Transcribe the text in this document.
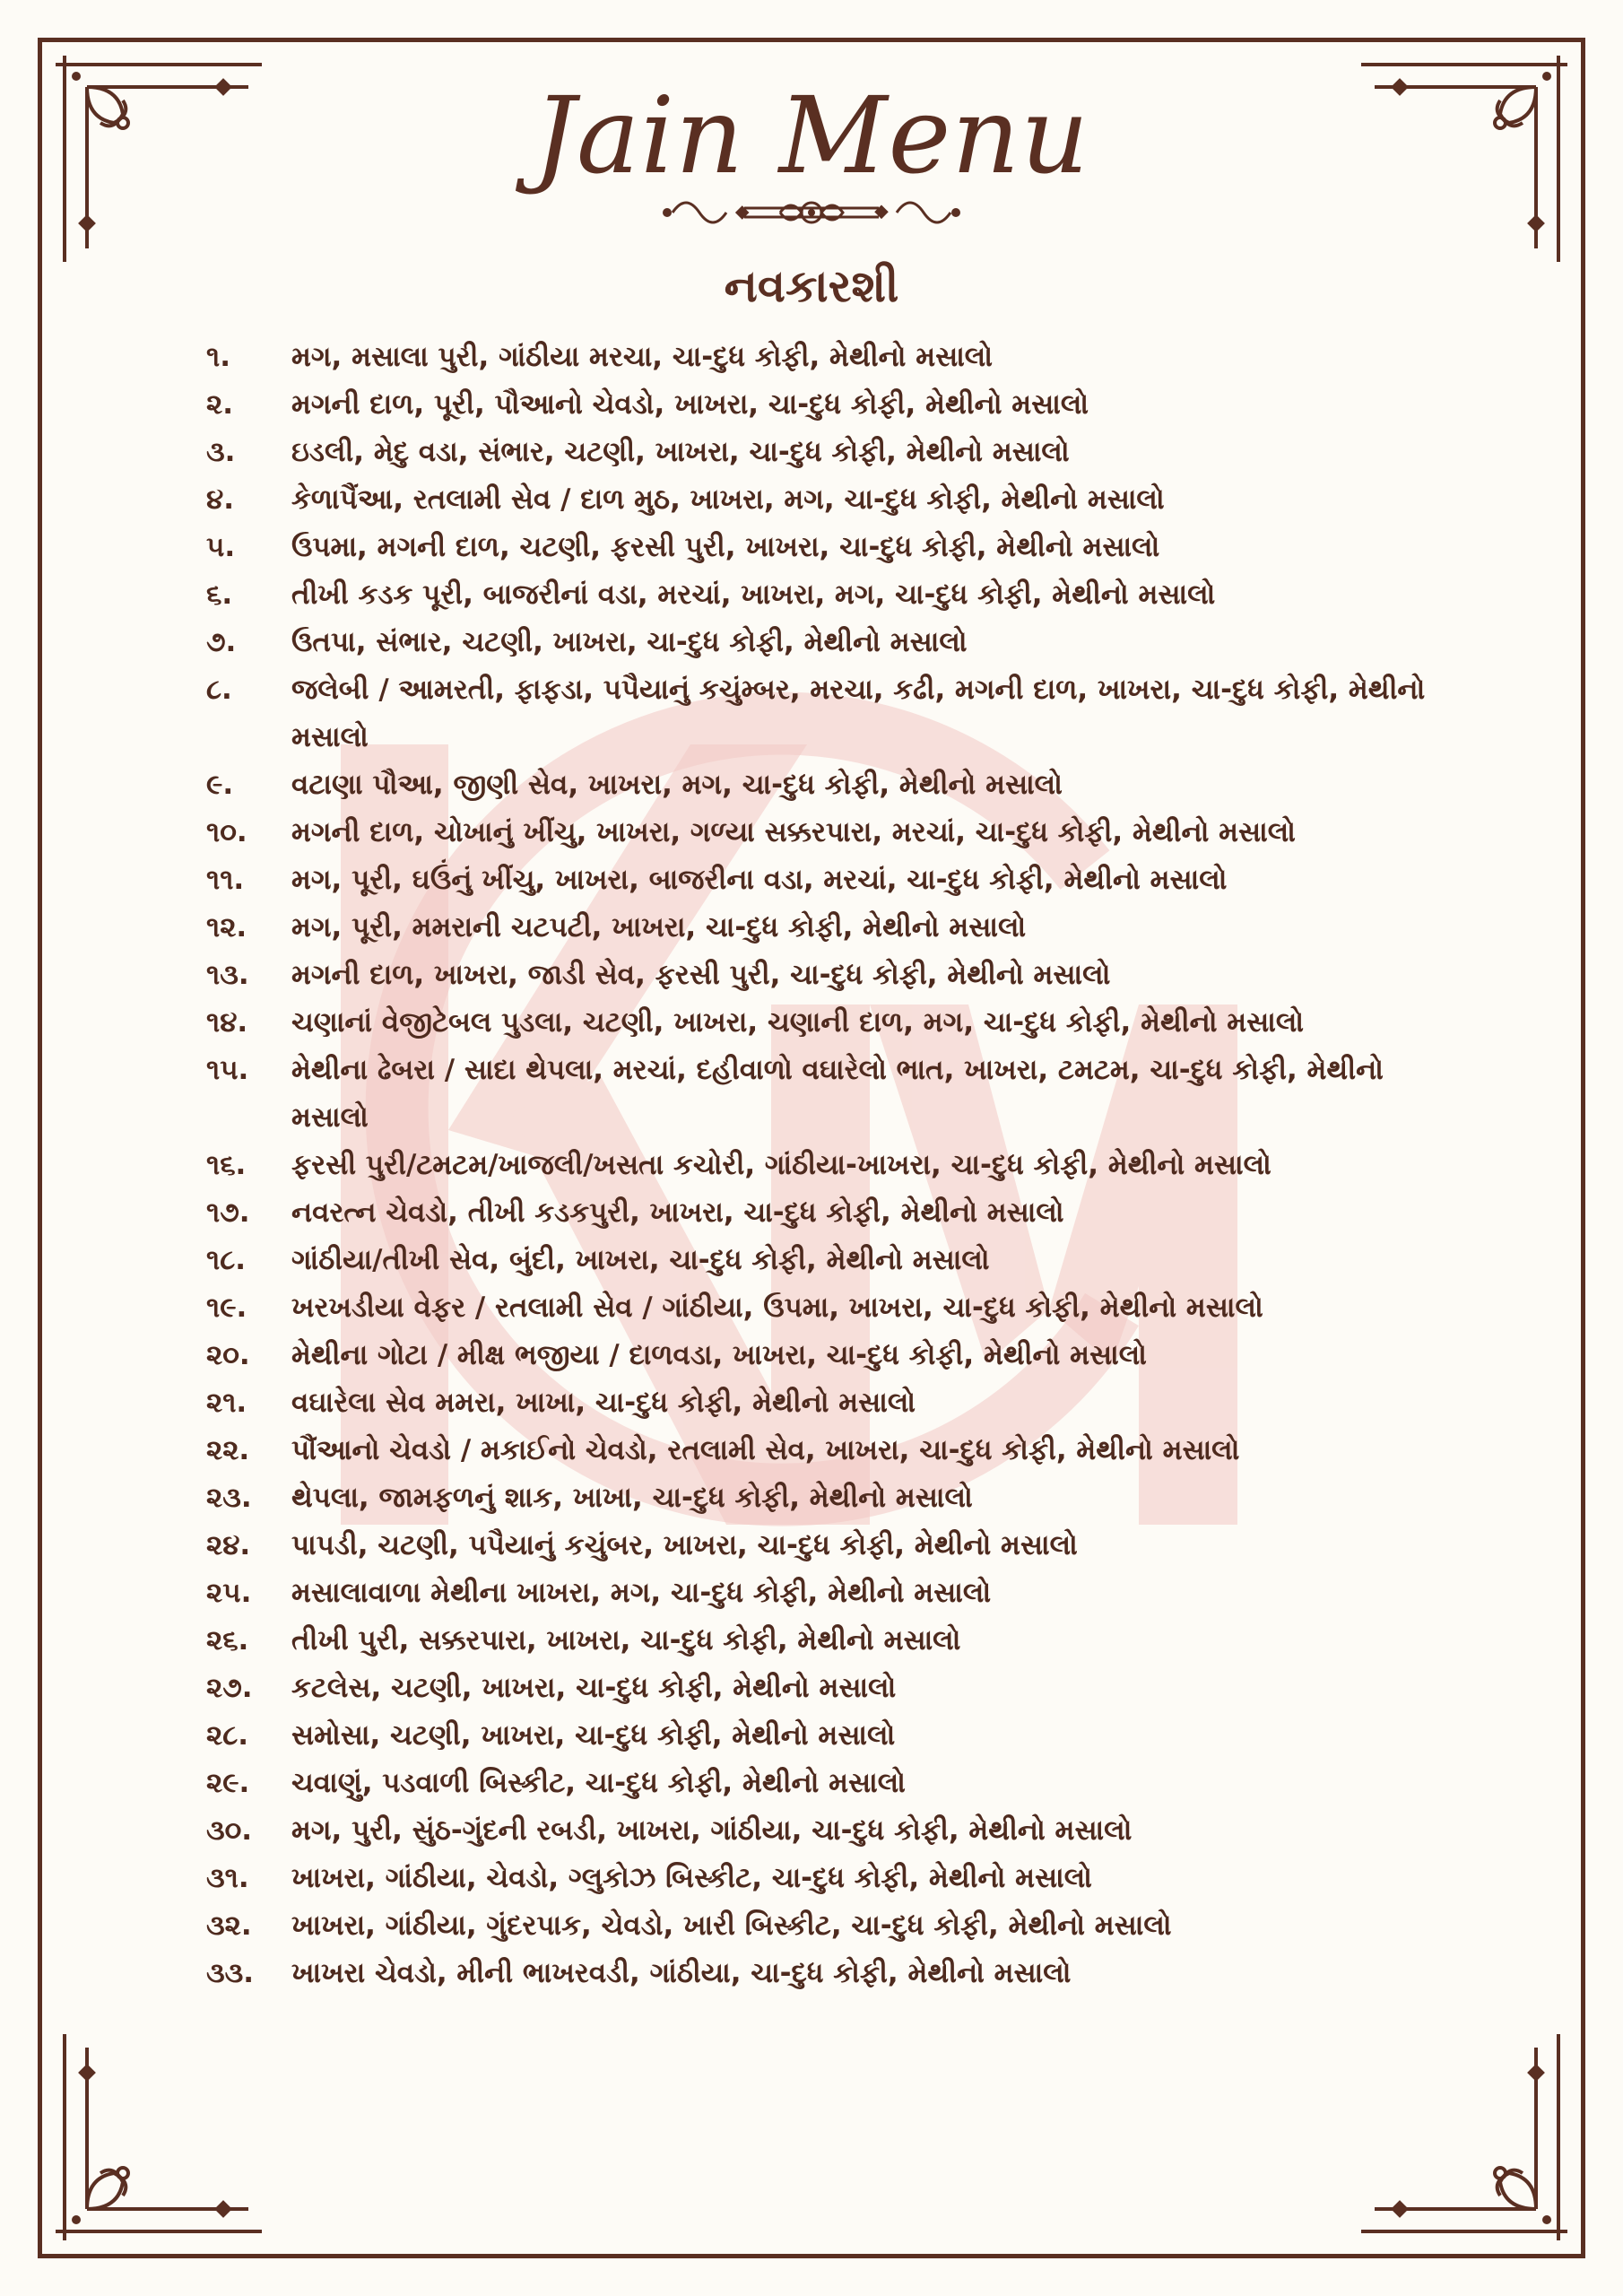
Jain Menu
નવકારશી
૧.	મગ, મસાલા પુરી, ગાંઠીયા મરચા, ચા-દુધ કોફી, મેથીનો મસાલો
૨.	મગની દાળ, પૂરી, પૌઆનો ચેવડો, ખાખરા, ચા-દુધ કોફી, મેથીનો મસાલો
૩.	ઇડલી, મેદુ વડા, સંભાર, ચટણી, ખાખરા, ચા-દુધ કોફી, મેથીનો મસાલો
૪.	કેળાપૈંઆ, રતલામી સેવ / દાળ મુઠ, ખાખરા, મગ, ચા-દુધ કોફી, મેથીનો મસાલો
૫.	ઉપમા, મગની દાળ, ચટણી, ફરસી પુરી, ખાખરા, ચા-દુધ કોફી, મેથીનો મસાલો
૬.	તીખી કડક પૂરી, બાજરીનાં વડા, મરચાં, ખાખરા, મગ, ચા-દુધ કોફી, મેથીનો મસાલો
૭.	ઉતપા, સંભાર, ચટણી, ખાખરા, ચા-દુધ કોફી, મેથીનો મસાલો
૮.	જલેબી / આમરતી, ફાફડા, પપૈયાનું કચુંમ્બર, મરચા, કઢી, મગની દાળ, ખાખરા, ચા-દુધ કોફી, મેથીનો મસાલો
૯.	વટાણા પૌઆ, જીણી સેવ, ખાખરા, મગ, ચા-દુધ કોફી, મેથીનો મસાલો
૧૦.	મગની દાળ, ચોખાનું ખીંચુ, ખાખરા, ગળ્યા સક્કરપારા, મરચાં, ચા-દુધ કોફી, મેથીનો મસાલો
૧૧.	મગ, પૂરી, ઘઉંનું ખીંચુ, ખાખરા, બાજરીના વડા, મરચાં, ચા-દુધ કોફી, મેથીનો મસાલો
૧૨.	મગ, પૂરી, મમરાની ચટપટી, ખાખરા, ચા-દુધ કોફી, મેથીનો મસાલો
૧૩.	મગની દાળ, ખાખરા, જાડી સેવ, ફરસી પુરી, ચા-દુધ કોફી, મેથીનો મસાલો
૧૪.	ચણાનાં વેજીટેબલ પુડલા, ચટણી, ખાખરા, ચણાની દાળ, મગ, ચા-દુધ કોફી, મેથીનો મસાલો
૧૫.	મેથીના ઢેબરા / સાદા થેપલા, મરચાં, દહીવાળો વઘારેલો ભાત, ખાખરા, ટમટમ, ચા-દુધ કોફી, મેથીનો મસાલો
૧૬.	ફરસી પુરી/ટમટમ/ખાજલી/ખસતા કચોરી, ગાંઠીયા-ખાખરા, ચા-દુધ કોફી, મેથીનો મસાલો
૧૭.	નવરત્ન ચેવડો, તીખી કડકપુરી, ખાખરા, ચા-દુધ કોફી, મેથીનો મસાલો
૧૮.	ગાંઠીયા/તીખી સેવ, બુંદી, ખાખરા, ચા-દુધ કોફી, મેથીનો મસાલો
૧૯.	ખરખડીયા વેફર / રતલામી સેવ / ગાંઠીયા, ઉપમા, ખાખરા, ચા-દુધ કોફી, મેથીનો મસાલો
૨૦.	મેથીના ગોટા / મીક્ષ ભજીયા / દાળવડા, ખાખરા, ચા-દુધ કોફી, મેથીનો મસાલો
૨૧.	વઘારેલા સેવ મમરા, ખાખા, ચા-દુધ કોફી, મેથીનો મસાલો
૨૨.	પૌંઆનો ચેવડો / મકાઈનો ચેવડો, રતલામી સેવ, ખાખરા, ચા-દુધ કોફી, મેથીનો મસાલો
૨૩.	થેપલા, જામફળનું શાક, ખાખા, ચા-દુધ કોફી, મેથીનો મસાલો
૨૪.	પાપડી, ચટણી, પપૈયાનું કચુંબર, ખાખરા, ચા-દુધ કોફી, મેથીનો મસાલો
૨૫.	મસાલાવાળા મેથીના ખાખરા, મગ, ચા-દુધ કોફી, મેથીનો મસાલો
૨૬.	તીખી પુરી, સક્કરપારા, ખાખરા, ચા-દુધ કોફી, મેથીનો મસાલો
૨૭.	કટલેસ, ચટણી, ખાખરા, ચા-દુધ કોફી, મેથીનો મસાલો
૨૮.	સમોસા, ચટણી, ખાખરા, ચા-દુધ કોફી, મેથીનો મસાલો
૨૯.	ચવાણું, પડવાળી બિસ્કીટ, ચા-દુધ કોફી, મેથીનો મસાલો
૩૦.	મગ, પુરી, સુંઠ-ગુંદની રબડી, ખાખરા, ગાંઠીયા, ચા-દુધ કોફી, મેથીનો મસાલો
૩૧.	ખાખરા, ગાંઠીયા, ચેવડો, ગ્લુકોઝ બિસ્કીટ, ચા-દુધ કોફી, મેથીનો મસાલો
૩૨.	ખાખરા, ગાંઠીયા, ગુંદરપાક, ચેવડો, ખારી બિસ્કીટ, ચા-દુધ કોફી, મેથીનો મસાલો
૩૩.	ખાખરા ચેવડો, મીની ભાખરવડી, ગાંઠીયા, ચા-દુધ કોફી, મેથીનો મસાલો
